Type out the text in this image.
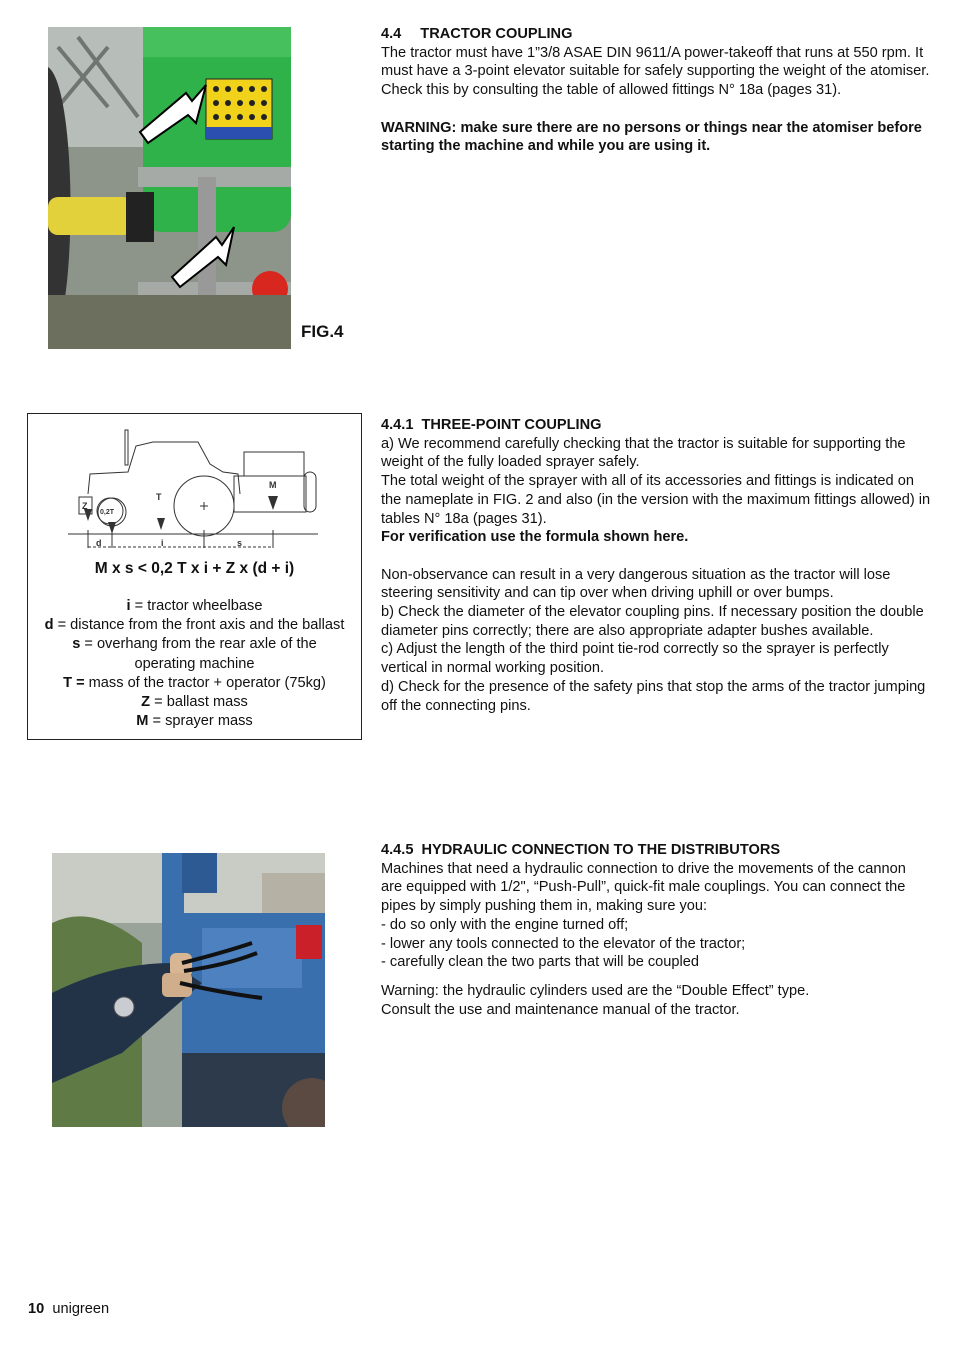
FIG.4

4.4 TRACTOR COUPLING

The tractor must have 1”3/8 ASAE DIN 9611/A power-takeoff that runs at 550 rpm. It must have a 3-point elevator suitable for safely supporting the weight of the atomiser.

Check this by consulting the table of allowed fittings N° 18a (pages 31).

WARNING: make sure there are no persons or things near the atomiser before starting the machine and while you are using it.

Z
0,2T
T
M
d	i	s
M x s < 0,2 T x i + Z x (d + i)

i = tractor wheelbase

d = distance from the front axis and the ballast

s = overhang from the rear axle of the operating machine

T = mass of the tractor + operator (75kg)

Z = ballast mass

M = sprayer mass

4.4.1 THREE-POINT COUPLING

a) We recommend carefully checking that the tractor is suitable for supporting the weight of the fully loaded sprayer safely.

The total weight of the sprayer with all of its accessories and fittings is indicated on the nameplate in FIG. 2 and also (in the version with the maximum fittings allowed) in tables N° 18a (pages 31).

For verification use the formula shown here.

Non-observance can result in a very dangerous situation as the tractor will lose steering sensitivity and can tip over when driving uphill or over bumps.

b) Check the diameter of the elevator coupling pins. If necessary position the double diameter pins correctly; there are also appropriate adapter bushes available.

c) Adjust the length of the third point tie-rod correctly so the sprayer is perfectly vertical in normal working position.

d) Check for the presence of the safety pins that stop the arms of the tractor jumping off the connecting pins.

4.4.5 HYDRAULIC CONNECTION TO THE DISTRIBUTORS

Machines that need a hydraulic connection to drive the movements of the cannon are equipped with 1/2", “Push-Pull”, quick-fit male couplings. You can connect the pipes by simply pushing them in, making sure you:

- do so only with the engine turned off;

- lower any tools connected to the elevator of the tractor;

- carefully clean the two parts that will be coupled

Warning: the hydraulic cylinders used are the “Double Effect” type.

Consult the use and maintenance manual of the tractor.

10 unigreen
